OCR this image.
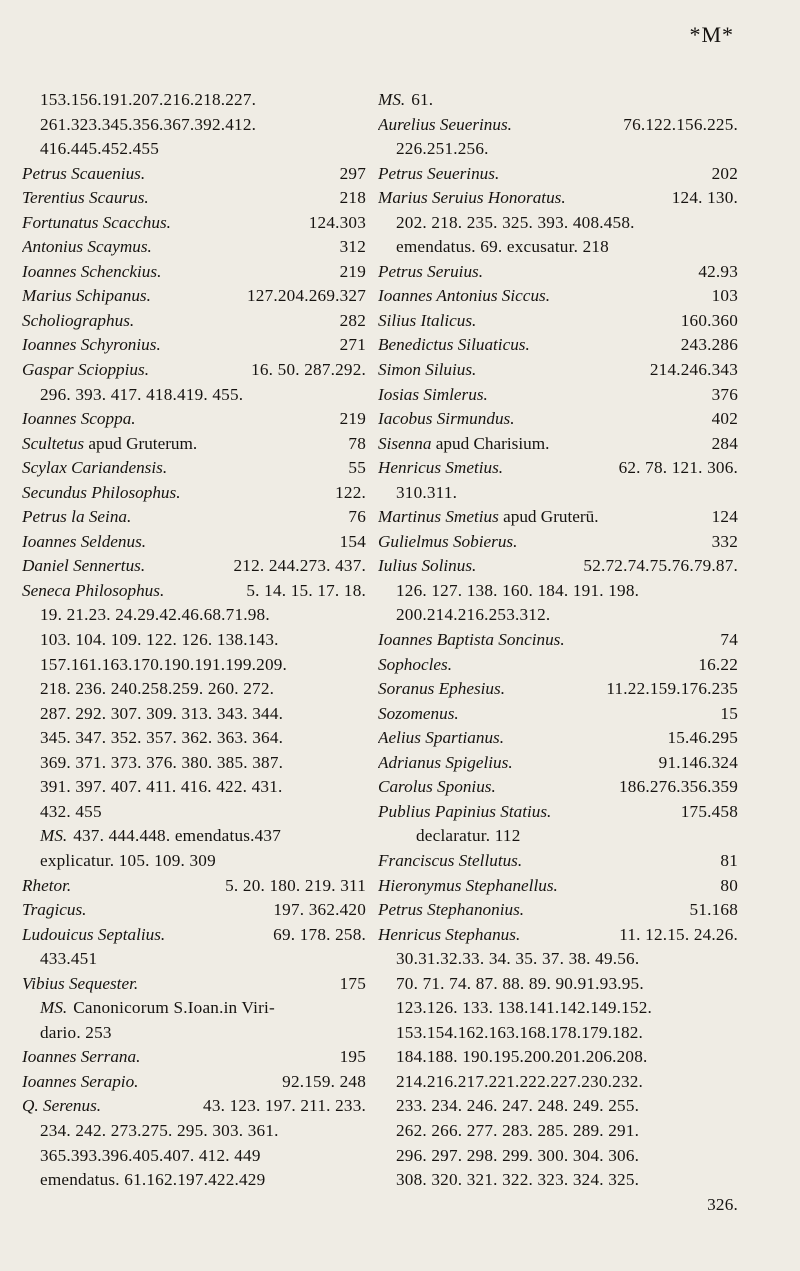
*M*
153.156.191.207.216.218.227.
261.323.345.356.367.392.412.
416.445.452.455
Petrus Scauenius.	297
Terentius Scaurus.	218
Fortunatus Scacchus.	124.303
Antonius Scaymus.	312
Ioannes Schenckius.	219
Marius Schipanus.	127.204.269.327
Scholiographus.	282
Ioannes Schyronius.	271
Gaspar Scioppius.	16. 50. 287.292.
296. 393. 417. 418.419. 455.
Ioannes Scoppa.	219
Scultetus apud Gruterum.	78
Scylax Cariandensis.	55
Secundus Philosophus.	122.
Petrus la Seina.	76
Ioannes Seldenus.	154
Daniel Sennertus.	212. 244.273. 437.
Seneca Philosophus.	5. 14. 15. 17. 18.
19. 21.23. 24.29.42.46.68.71.98.
103. 104. 109. 122. 126. 138.143.
157.161.163.170.190.191.199.209.
218. 236. 240.258.259. 260. 272.
287. 292. 307. 309. 313. 343. 344.
345. 347. 352. 357. 362. 363. 364.
369. 371. 373. 376. 380. 385. 387.
391. 397. 407. 411. 416. 422. 431.
432. 455
MS. 437. 444.448. emendatus.437
explicatur. 105. 109. 309
Rhetor.	5. 20. 180. 219. 311
Tragicus.	197. 362.420
Ludouicus Septalius.	69. 178. 258.
433.451
Vibius Sequester.	175
MS. Canonicorum S.Ioan.in Viri-
dario. 253
Ioannes Serrana.	195
Ioannes Serapio.	92.159. 248
Q. Serenus.	43. 123. 197. 211. 233.
234. 242. 273.275. 295. 303. 361.
365.393.396.405.407. 412. 449
emendatus. 61.162.197.422.429
MS. 61.
Aurelius Seuerinus.	76.122.156.225.
226.251.256.
Petrus Seuerinus.	202
Marius Seruius Honoratus.	124. 130.
202. 218. 235. 325. 393. 408.458.
emendatus. 69. excusatur. 218
Petrus Seruius.	42.93
Ioannes Antonius Siccus.	103
Silius Italicus.	160.360
Benedictus Siluaticus.	243.286
Simon Siluius.	214.246.343
Iosias Simlerus.	376
Iacobus Sirmundus.	402
Sisenna apud Charisium.	284
Henricus Smetius.	62. 78. 121. 306.
310.311.
Martinus Smetius apud Gruterū.	124
Gulielmus Sobierus.	332
Iulius Solinus.	52.72.74.75.76.79.87.
126. 127. 138. 160. 184. 191. 198.
200.214.216.253.312.
Ioannes Baptista Soncinus.	74
Sophocles.	16.22
Soranus Ephesius.	11.22.159.176.235
Sozomenus.	15
Aelius Spartianus.	15.46.295
Adrianus Spigelius.	91.146.324
Carolus Sponius.	186.276.356.359
Publius Papinius Statius.	175.458
declaratur. 112
Franciscus Stellutus.	81
Hieronymus Stephanellus.	80
Petrus Stephanonius.	51.168
Henricus Stephanus.	11. 12.15. 24.26.
30.31.32.33. 34. 35. 37. 38. 49.56.
70. 71. 74. 87. 88. 89. 90.91.93.95.
123.126. 133. 138.141.142.149.152.
153.154.162.163.168.178.179.182.
184.188. 190.195.200.201.206.208.
214.216.217.221.222.227.230.232.
233. 234. 246. 247. 248. 249. 255.
262. 266. 277. 283. 285. 289. 291.
296. 297. 298. 299. 300. 304. 306.
308. 320. 321. 322. 323. 324. 325.
326.
